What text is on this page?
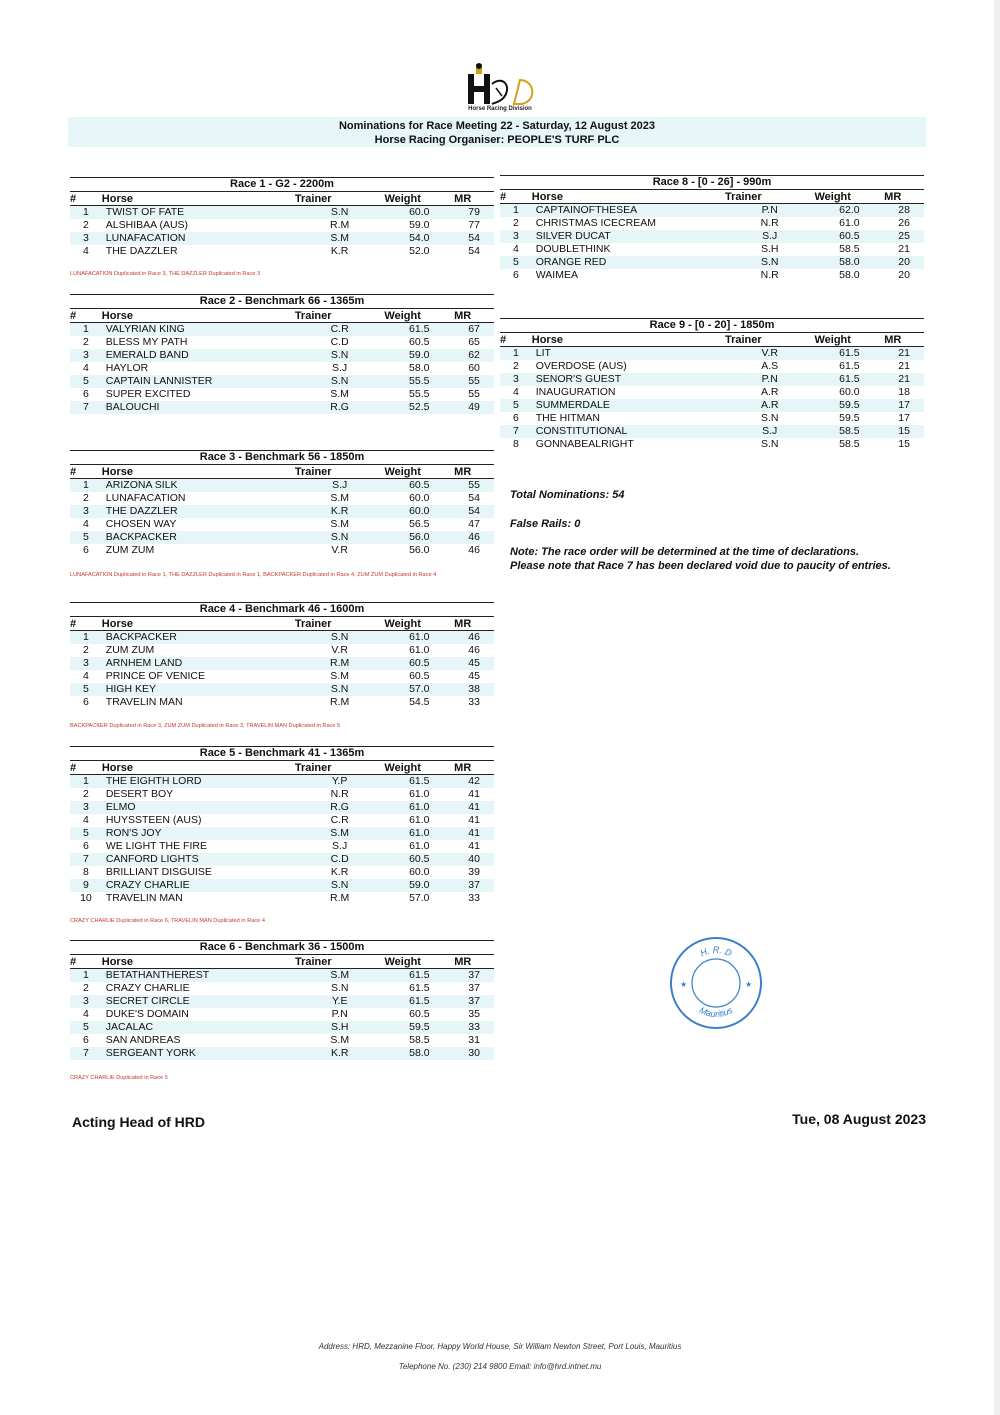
Horse Racing Division
Nominations for Race Meeting 22 - Saturday, 12 August 2023
Horse Racing Organiser: PEOPLE'S TURF PLC
Race 1 - G2 - 2200m
#	Horse	Trainer	Weight	MR
1	TWIST OF FATE	S.N	60.0	79
2	ALSHIBAA (AUS)	R.M	59.0	77
3	LUNAFACATION	S.M	54.0	54
4	THE DAZZLER	K.R	52.0	54
LUNAFACATION Duplicated in Race 3, THE DAZZLER Duplicated in Race 3
Race 2 - Benchmark 66 - 1365m
#	Horse	Trainer	Weight	MR
1	VALYRIAN KING	C.R	61.5	67
2	BLESS MY PATH	C.D	60.5	65
3	EMERALD BAND	S.N	59.0	62
4	HAYLOR	S.J	58.0	60
5	CAPTAIN LANNISTER	S.N	55.5	55
6	SUPER EXCITED	S.M	55.5	55
7	BALOUCHI	R.G	52.5	49
Race 3 - Benchmark 56 - 1850m
#	Horse	Trainer	Weight	MR
1	ARIZONA SILK	S.J	60.5	55
2	LUNAFACATION	S.M	60.0	54
3	THE DAZZLER	K.R	60.0	54
4	CHOSEN WAY	S.M	56.5	47
5	BACKPACKER	S.N	56.0	46
6	ZUM ZUM	V.R	56.0	46
LUNAFACATION Duplicated in Race 1, THE DAZZLER Duplicated in Race 1, BACKPACKER Duplicated in Race 4, ZUM ZUM Duplicated in Race 4
Race 4 - Benchmark 46 - 1600m
#	Horse	Trainer	Weight	MR
1	BACKPACKER	S.N	61.0	46
2	ZUM ZUM	V.R	61.0	46
3	ARNHEM LAND	R.M	60.5	45
4	PRINCE OF VENICE	S.M	60.5	45
5	HIGH KEY	S.N	57.0	38
6	TRAVELIN MAN	R.M	54.5	33
BACKPACKER Duplicated in Race 3, ZUM ZUM Duplicated in Race 3, TRAVELIN MAN Duplicated in Race 5
Race 5 - Benchmark 41 - 1365m
#	Horse	Trainer	Weight	MR
1	THE EIGHTH LORD	Y.P	61.5	42
2	DESERT BOY	N.R	61.0	41
3	ELMO	R.G	61.0	41
4	HUYSSTEEN (AUS)	C.R	61.0	41
5	RON'S JOY	S.M	61.0	41
6	WE LIGHT THE FIRE	S.J	61.0	41
7	CANFORD LIGHTS	C.D	60.5	40
8	BRILLIANT DISGUISE	K.R	60.0	39
9	CRAZY CHARLIE	S.N	59.0	37
10	TRAVELIN MAN	R.M	57.0	33
CRAZY CHARLIE Duplicated in Race 6, TRAVELIN MAN Duplicated in Race 4
Race 6 - Benchmark 36 - 1500m
#	Horse	Trainer	Weight	MR
1	BETATHANTHEREST	S.M	61.5	37
2	CRAZY CHARLIE	S.N	61.5	37
3	SECRET CIRCLE	Y.E	61.5	37
4	DUKE'S DOMAIN	P.N	60.5	35
5	JACALAC	S.H	59.5	33
6	SAN ANDREAS	S.M	58.5	31
7	SERGEANT YORK	K.R	58.0	30
CRAZY CHARLIE Duplicated in Race 5
Race 8 - [0 - 26] - 990m
#	Horse	Trainer	Weight	MR
1	CAPTAINOFTHESEA	P.N	62.0	28
2	CHRISTMAS ICECREAM	N.R	61.0	26
3	SILVER DUCAT	S.J	60.5	25
4	DOUBLETHINK	S.H	58.5	21
5	ORANGE RED	S.N	58.0	20
6	WAIMEA	N.R	58.0	20
Race 9 - [0 - 20] - 1850m
#	Horse	Trainer	Weight	MR
1	LIT	V.R	61.5	21
2	OVERDOSE (AUS)	A.S	61.5	21
3	SENOR'S GUEST	P.N	61.5	21
4	INAUGURATION	A.R	60.0	18
5	SUMMERDALE	A.R	59.5	17
6	THE HITMAN	S.N	59.5	17
7	CONSTITUTIONAL	S.J	58.5	15
8	GONNABEALRIGHT	S.N	58.5	15
Total Nominations: 54
False Rails: 0
Note: The race order will be determined at the time of declarations.
Please note that Race 7 has been declared void due to paucity of entries.
H. R. D
Mauritius
★	★
Acting Head of HRD	Tue, 08 August 2023
Address: HRD, Mezzanine Floor, Happy World House, Sir William Newton Street, Port Louis, Mauritius
Telephone No. (230) 214 9800 Email: info@hrd.intnet.mu
